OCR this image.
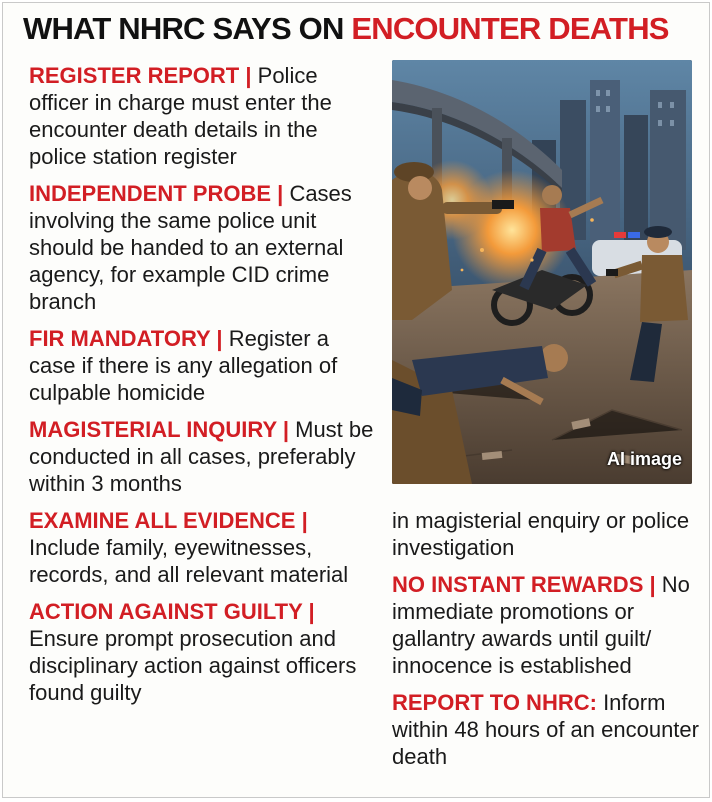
WHAT NHRC SAYS ON ENCOUNTER DEATHS
REGISTER REPORT | Police officer in charge must enter the encounter death details in the police station register
INDEPENDENT PROBE | Cases involving the same police unit should be handed to an external agency, for example CID crime branch
FIR MANDATORY | Register a case if there is any allegation of culpable homicide
MAGISTERIAL INQUIRY | Must be conducted in all cases, preferably within 3 months
EXAMINE ALL EVIDENCE | Include family, eyewitnesses, records, and all relevant material
ACTION AGAINST GUILTY | Ensure prompt prosecution and disciplinary action against officers found guilty
AI image
in magisterial enquiry or police investigation
NO INSTANT REWARDS | No immediate promotions or gallantry awards until guilt/ innocence is established
REPORT TO NHRC: Inform within 48 hours of an encounter death
